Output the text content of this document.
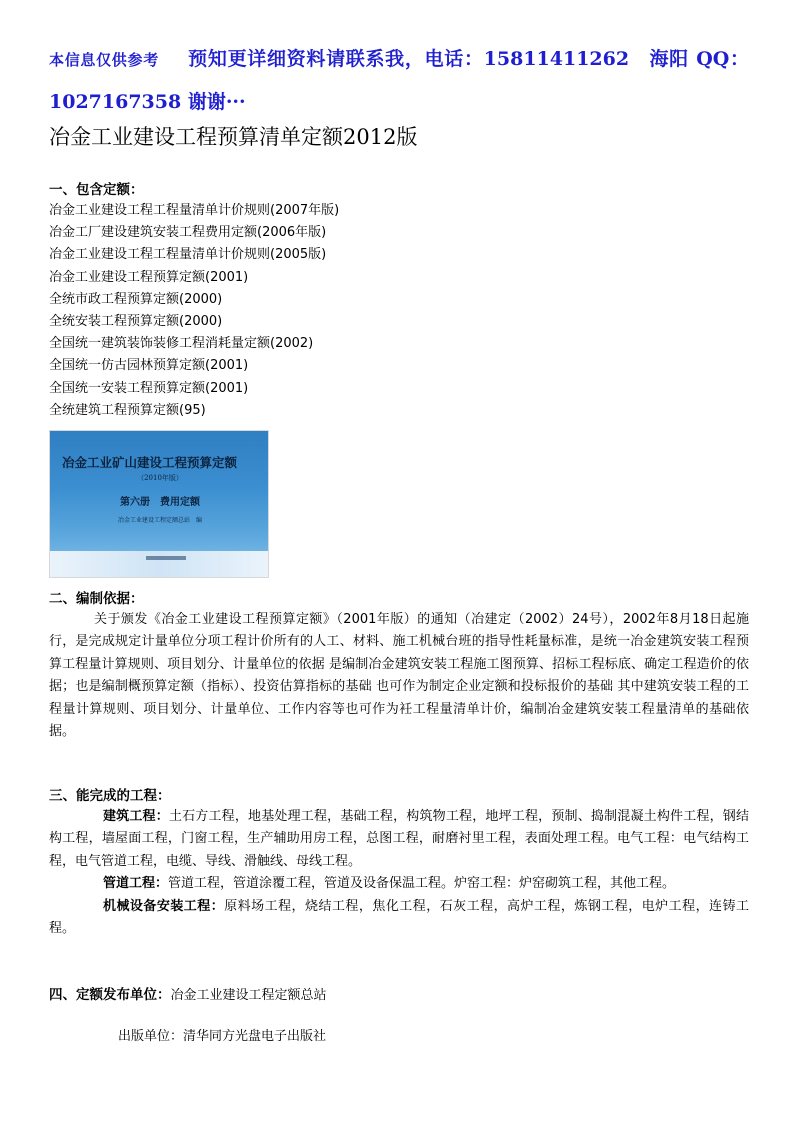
本信息仅供参考 预知更详细资料请联系我，电话：15811411262　海阳 QQ：1027167358 谢谢···
冶金工业建设工程预算清单定额2012版
一、包含定额：
冶金工业建设工程工程量清单计价规则(2007年版)
冶金工厂建设建筑安装工程费用定额(2006年版)
冶金工业建设工程工程量清单计价规则(2005版)
冶金工业建设工程预算定额(2001)
全统市政工程预算定额(2000)
全统安装工程预算定额(2000)
全国统一建筑装饰装修工程消耗量定额(2002)
全国统一仿古园林预算定额(2001)
全国统一安装工程预算定额(2001)
全统建筑工程预算定额(95)
冶金工业矿山建设工程预算定额
（2010年版）
第六册　费用定额
冶金工业建设工程定额总站　编
二、编制依据：

关于颁发《冶金工业建设工程预算定额》（2001年版）的通知（冶建定（2002）24号），2002年8月18日起施行，是完成规定计量单位分项工程计价所有的人工、材料、施工机械台班的指导性耗量标准，是统一冶金建筑安装工程预算工程量计算规则、项目划分、计量单位的依据 是编制冶金建筑安装工程施工图预算、招标工程标底、确定工程造价的依据；也是编制概预算定额（指标）、投资估算指标的基础 也可作为制定企业定额和投标报价的基础 其中建筑安装工程的工程量计算规则、项目划分、计量单位、工作内容等也可作为衽工程量清单计价，编制冶金建筑安装工程量清单的基础依据。

三、能完成的工程：

建筑工程：土石方工程，地基处理工程，基础工程，构筑物工程，地坪工程，预制、捣制混凝土构件工程，钢结构工程，墙屋面工程，门窗工程，生产辅助用房工程，总图工程，耐磨衬里工程，表面处理工程。电气工程：电气结构工程，电气管道工程，电缆、导线、滑触线、母线工程。

管道工程：管道工程，管道涂覆工程，管道及设备保温工程。炉窑工程：炉窑砌筑工程，其他工程。

机械设备安装工程：原料场工程，烧结工程，焦化工程，石灰工程，高炉工程，炼钢工程，电炉工程，连铸工程。

四、定额发布单位：冶金工业建设工程定额总站
出版单位：清华同方光盘电子出版社
